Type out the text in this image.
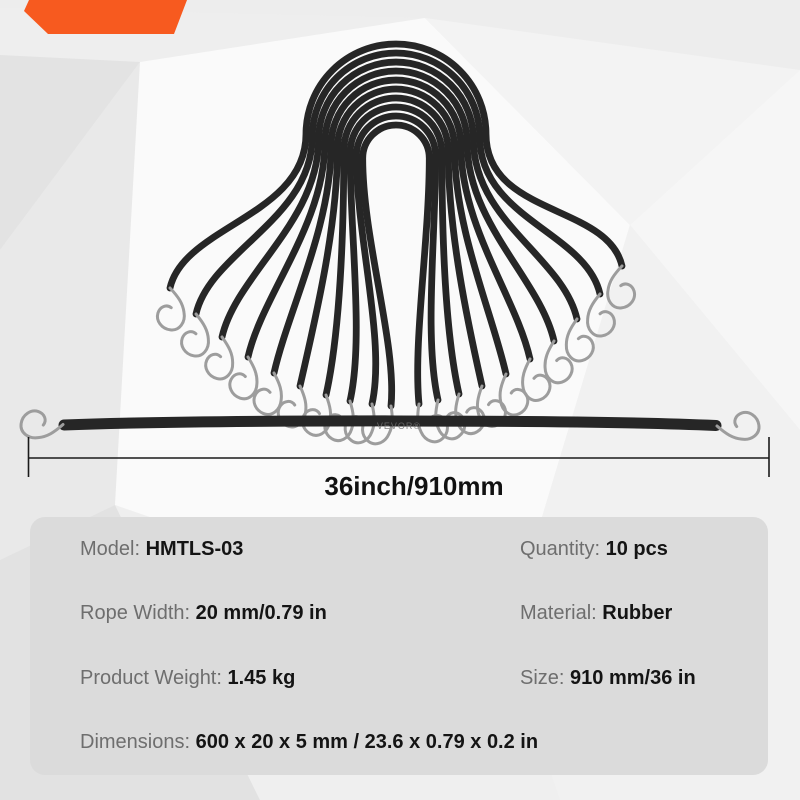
VEVOR®
36inch/910mm
Model: HMTLS-03	Quantity: 10 pcs
Rope Width: 20 mm/0.79 in	Material: Rubber
Product Weight: 1.45 kg	Size: 910 mm/36 in
Dimensions: 600 x 20 x 5 mm / 23.6 x 0.79 x 0.2 in
